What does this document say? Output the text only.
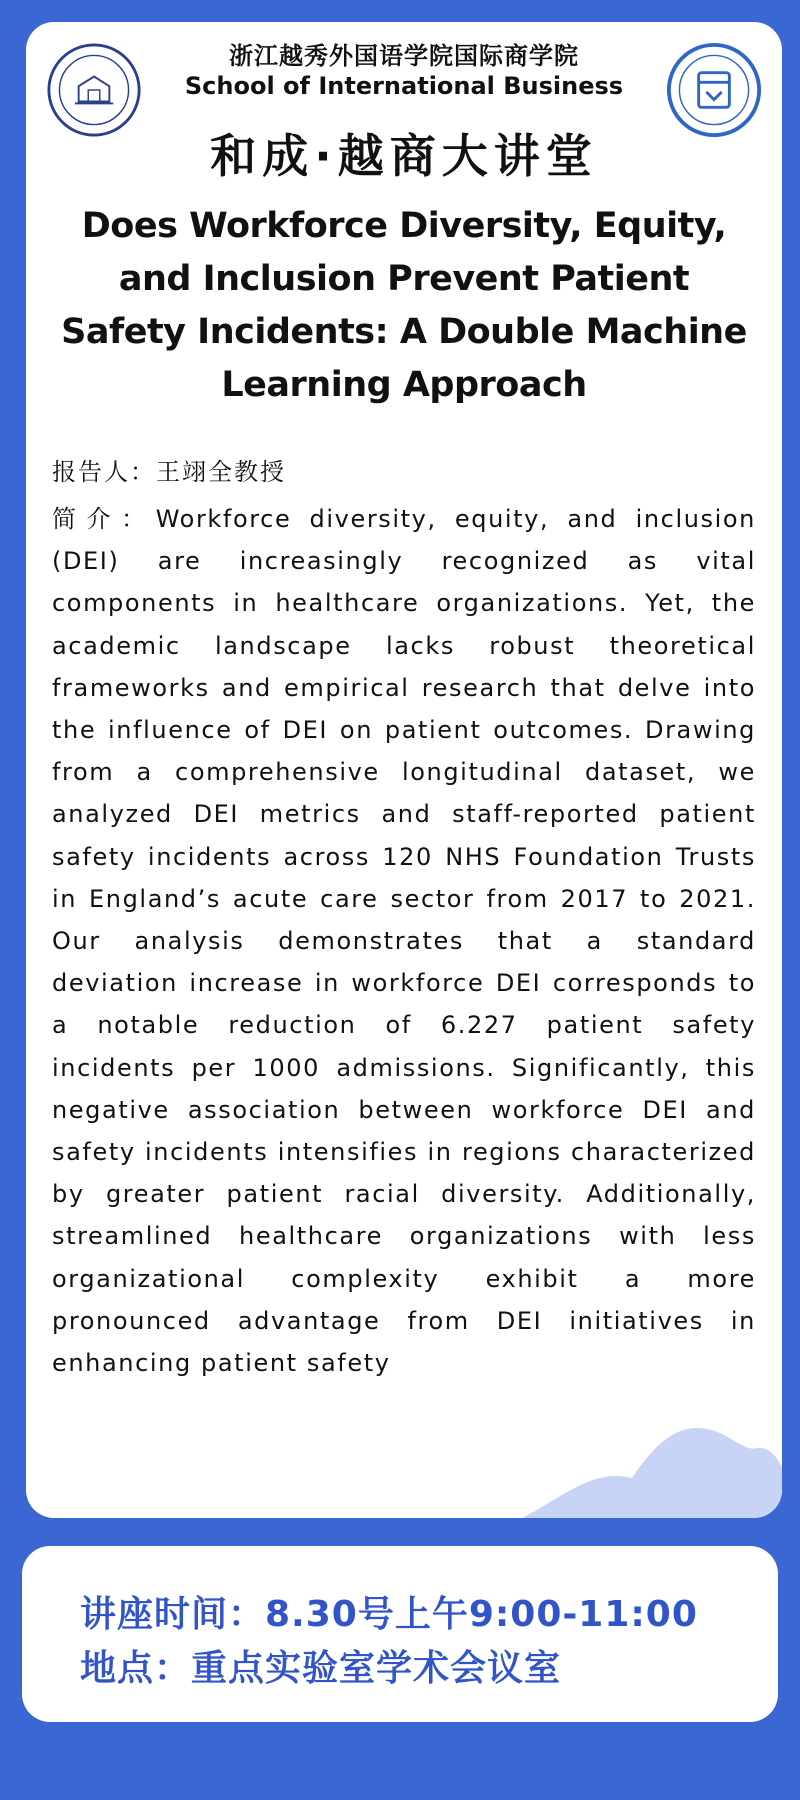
浙江越秀外国语学院国际商学院
School of International Business
和成·越商大讲堂
Does Workforce Diversity, Equity, and Inclusion Prevent Patient Safety Incidents: A Double Machine Learning Approach
报告人：王翊全教授
简介：Workforce diversity, equity, and inclusion (DEI) are increasingly recognized as vital components in healthcare organizations. Yet, the academic landscape lacks robust theoretical frameworks and empirical research that delve into the influence of DEI on patient outcomes. Drawing from a comprehensive longitudinal dataset, we analyzed DEI metrics and staff-reported patient safety incidents across 120 NHS Foundation Trusts in England’s acute care sector from 2017 to 2021. Our analysis demonstrates that a standard deviation increase in workforce DEI corresponds to a notable reduction of 6.227 patient safety incidents per 1000 admissions. Significantly, this negative association between workforce DEI and safety incidents intensifies in regions characterized by greater patient racial diversity. Additionally, streamlined healthcare organizations with less organizational complexity exhibit a more pronounced advantage from DEI initiatives in enhancing patient safety
讲座时间：8.30号上午9:00-11:00
地点：重点实验室学术会议室
